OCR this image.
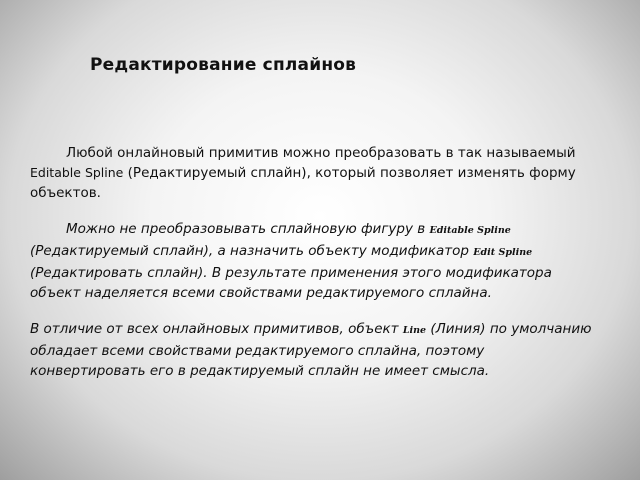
Редактирование сплайнов

Любой онлайновый примитив можно преобразовать в так называемый Editable Spline (Редактируемый сплайн), который позволяет изменять форму объектов.

Можно не преобразовывать сплайновую фигуру в Editable Spline (Редактируемый сплайн), а назначить объекту модификатор Edit Spline (Редактировать сплайн). В результате применения этого модификатора объект наделяется всеми свойствами редактируемого сплайна.

В отличие от всех онлайновых примитивов, объект Line (Линия) по умолчанию обладает всеми свойствами редактируемого сплайна, поэтому конвертировать его в редактируемый сплайн не имеет смысла.
